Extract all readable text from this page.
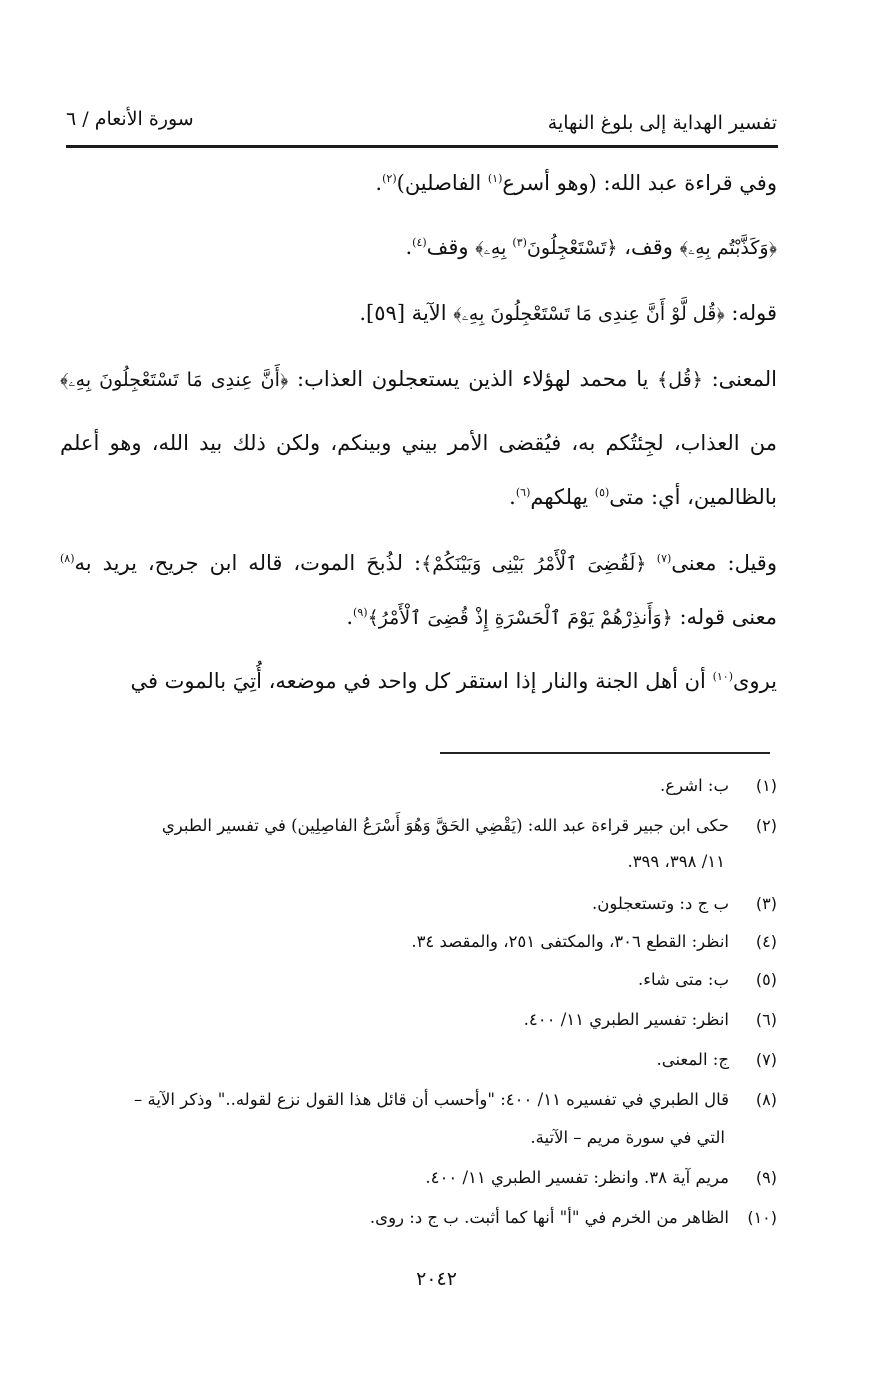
تفسير الهداية إلى بلوغ النهاية
سورة الأنعام / ٦
وفي قراءة عبد الله: (وهو أسرع$^{(١)}$ الفاصلين)$^{(٢)}$.
﴿وَكَذَّبْتُم بِهِۦ﴾ وقف، ﴿تَسْتَعْجِلُونَ$^{(٣)}$ بِهِۦ﴾ وقف$^{(٤)}$.
قوله: ﴿قُل لَّوْ أَنَّ عِندِى مَا تَسْتَعْجِلُونَ بِهِۦ﴾ الآية [٥٩].
المعنى: ﴿قُل﴾ يا محمد لهؤلاء الذين يستعجلون العذاب: ﴿أَنَّ عِندِى مَا تَسْتَعْجِلُونَ بِهِۦ﴾
من العذاب، لجِئتُكم به، فيُقضى الأمر بيني وبينكم، ولكن ذلك بيد الله، وهو أعلم
بالظالمين، أي: متى$^{(٥)}$ يهلكهم$^{(٦)}$.
وقيل: معنى$^{(٧)}$ ﴿لَقُضِىَ ٱلْأَمْرُ بَيْنِى وَبَيْنَكُمْ﴾: لذُبحَ الموت، قاله ابن جريح، يريد به$^{(٨)}$
معنى قوله: ﴿وَأَنذِرْهُمْ يَوْمَ ٱلْحَسْرَةِ إِذْ قُضِىَ ٱلْأَمْرُ﴾$^{(٩)}$.
يروى$^{(١٠)}$ أن أهل الجنة والنار إذا استقر كل واحد في موضعه، أُتِيَ بالموت في
(١)ب: اشرع.
(٢)حكى ابن جبير قراءة عبد الله: (يَقْضِي الحَقَّ وَهُوَ أَسْرَعُ الفاصِلِين) في تفسير الطبري
١١/ ٣٩٨، ٣٩٩.
(٣)ب ج د: وتستعجلون.
(٤)انظر: القطع ٣٠٦، والمكتفى ٢٥١، والمقصد ٣٤.
(٥)ب: متى شاء.
(٦)انظر: تفسير الطبري ١١/ ٤٠٠.
(٧)ج: المعنى.
(٨)قال الطبري في تفسيره ١١/ ٤٠٠: "وأحسب أن قائل هذا القول نزع لقوله.." وذكر الآية –
التي في سورة مريم – الآتية.
(٩)مريم آية ٣٨. وانظر: تفسير الطبري ١١/ ٤٠٠.
(١٠)الظاهر من الخرم في "أ" أنها كما أثبت. ب ج د: روى.
٢٠٤٢
